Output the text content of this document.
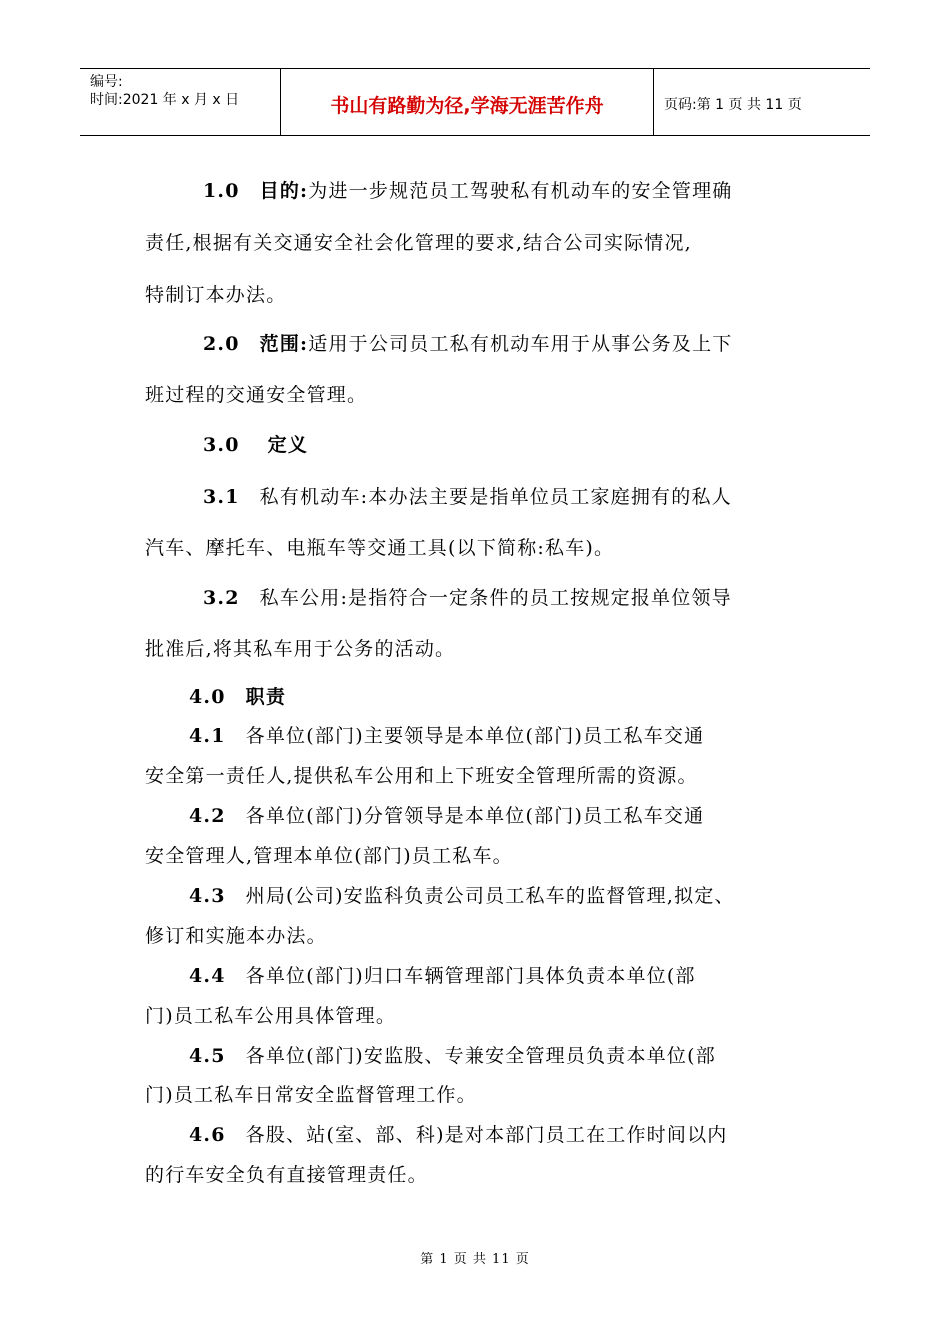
编号:
时间:2021 年 x 月 x 日	书山有路勤为径,学海无涯苦作舟	页码:第 1 页 共 11 页
1.0 目的:为进一步规范员工驾驶私有机动车的安全管理确
责任,根据有关交通安全社会化管理的要求,结合公司实际情况,
特制订本办法。
2.0 范围:适用于公司员工私有机动车用于从事公务及上下
班过程的交通安全管理。
3.0 定义
3.1 私有机动车:本办法主要是指单位员工家庭拥有的私人
汽车、摩托车、电瓶车等交通工具(以下简称:私车)。
3.2 私车公用:是指符合一定条件的员工按规定报单位领导
批准后,将其私车用于公务的活动。
4.0 职责
4.1 各单位(部门)主要领导是本单位(部门)员工私车交通
安全第一责任人,提供私车公用和上下班安全管理所需的资源。
4.2 各单位(部门)分管领导是本单位(部门)员工私车交通
安全管理人,管理本单位(部门)员工私车。
4.3 州局(公司)安监科负责公司员工私车的监督管理,拟定、
修订和实施本办法。
4.4 各单位(部门)归口车辆管理部门具体负责本单位(部
门)员工私车公用具体管理。
4.5 各单位(部门)安监股、专兼安全管理员负责本单位(部
门)员工私车日常安全监督管理工作。
4.6 各股、站(室、部、科)是对本部门员工在工作时间以内
的行车安全负有直接管理责任。
第 1 页 共 11 页
